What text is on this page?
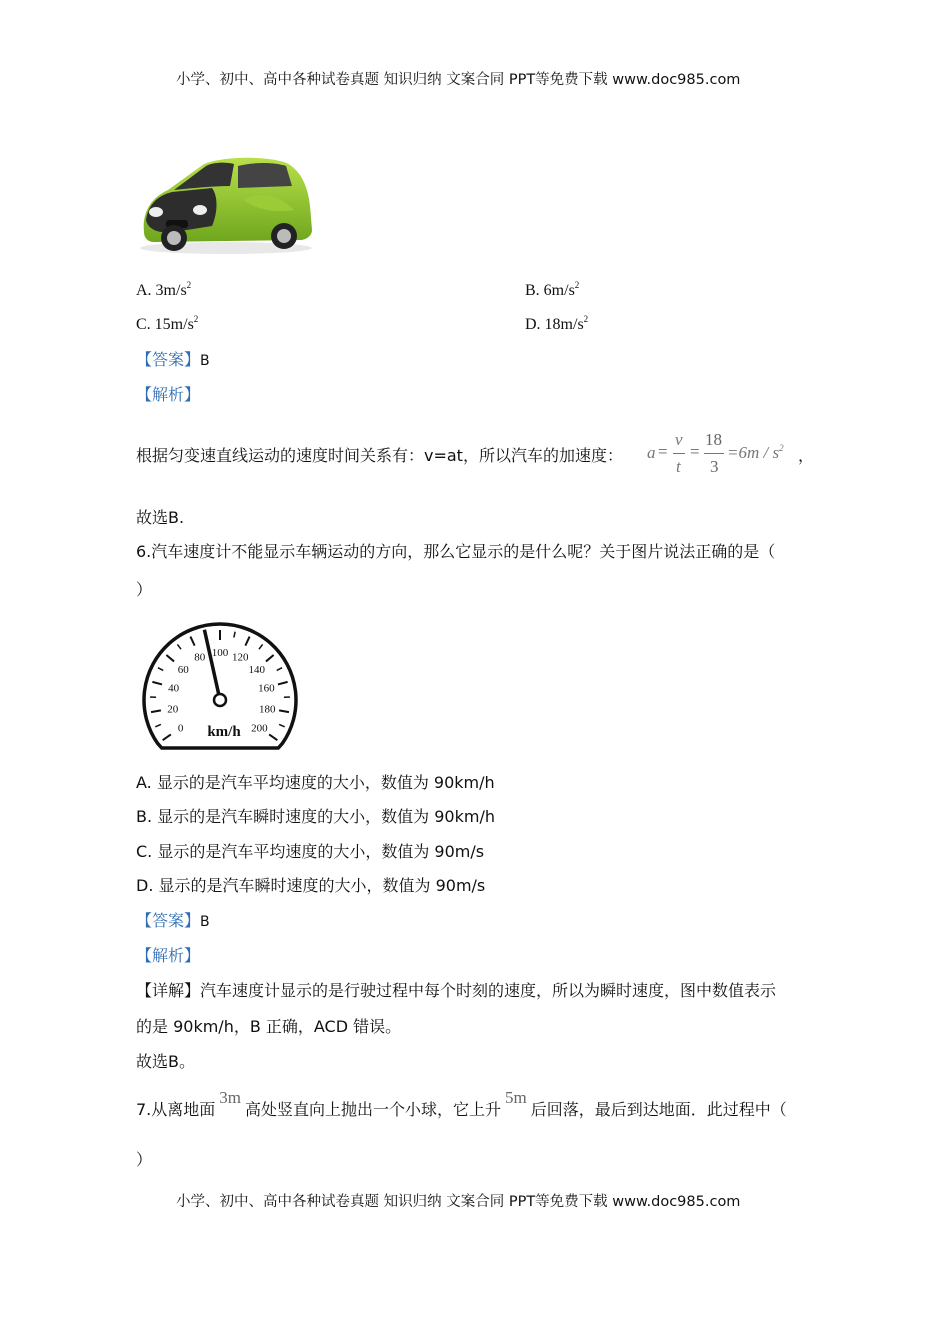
小学、初中、高中各种试卷真题 知识归纳 文案合同 PPT等免费下载 www.doc985.com
A. $3m/s^2$	B. $6m/s^2$
C. $15m/s^2$	D. $18m/s^2$
【答案】B
【解析】
根据匀变速直线运动的速度时间关系有：v=at，所以汽车的加速度： a =
v
t
=
18
3
$=6m / s^2$ ，
故选B.
6.汽车速度计不能显示车辆运动的方向，那么它显示的是什么呢？关于图片说法正确的是（
）
0
20
40
60
80 100 120
140
160
180
200
km/h
A. 显示的是汽车平均速度的大小，数值为 90km/h
B. 显示的是汽车瞬时速度的大小，数值为 90km/h
C. 显示的是汽车平均速度的大小，数值为 90m/s
D. 显示的是汽车瞬时速度的大小，数值为 90m/s
【答案】B
【解析】
【详解】汽车速度计显示的是行驶过程中每个时刻的速度，所以为瞬时速度，图中数值表示
的是 90km/h，B 正确，ACD 错误。
故选B。
7.从离地面3m高处竖直向上抛出一个小球，它上升5m后回落，最后到达地面．此过程中（
）
小学、初中、高中各种试卷真题 知识归纳 文案合同 PPT等免费下载 www.doc985.com
